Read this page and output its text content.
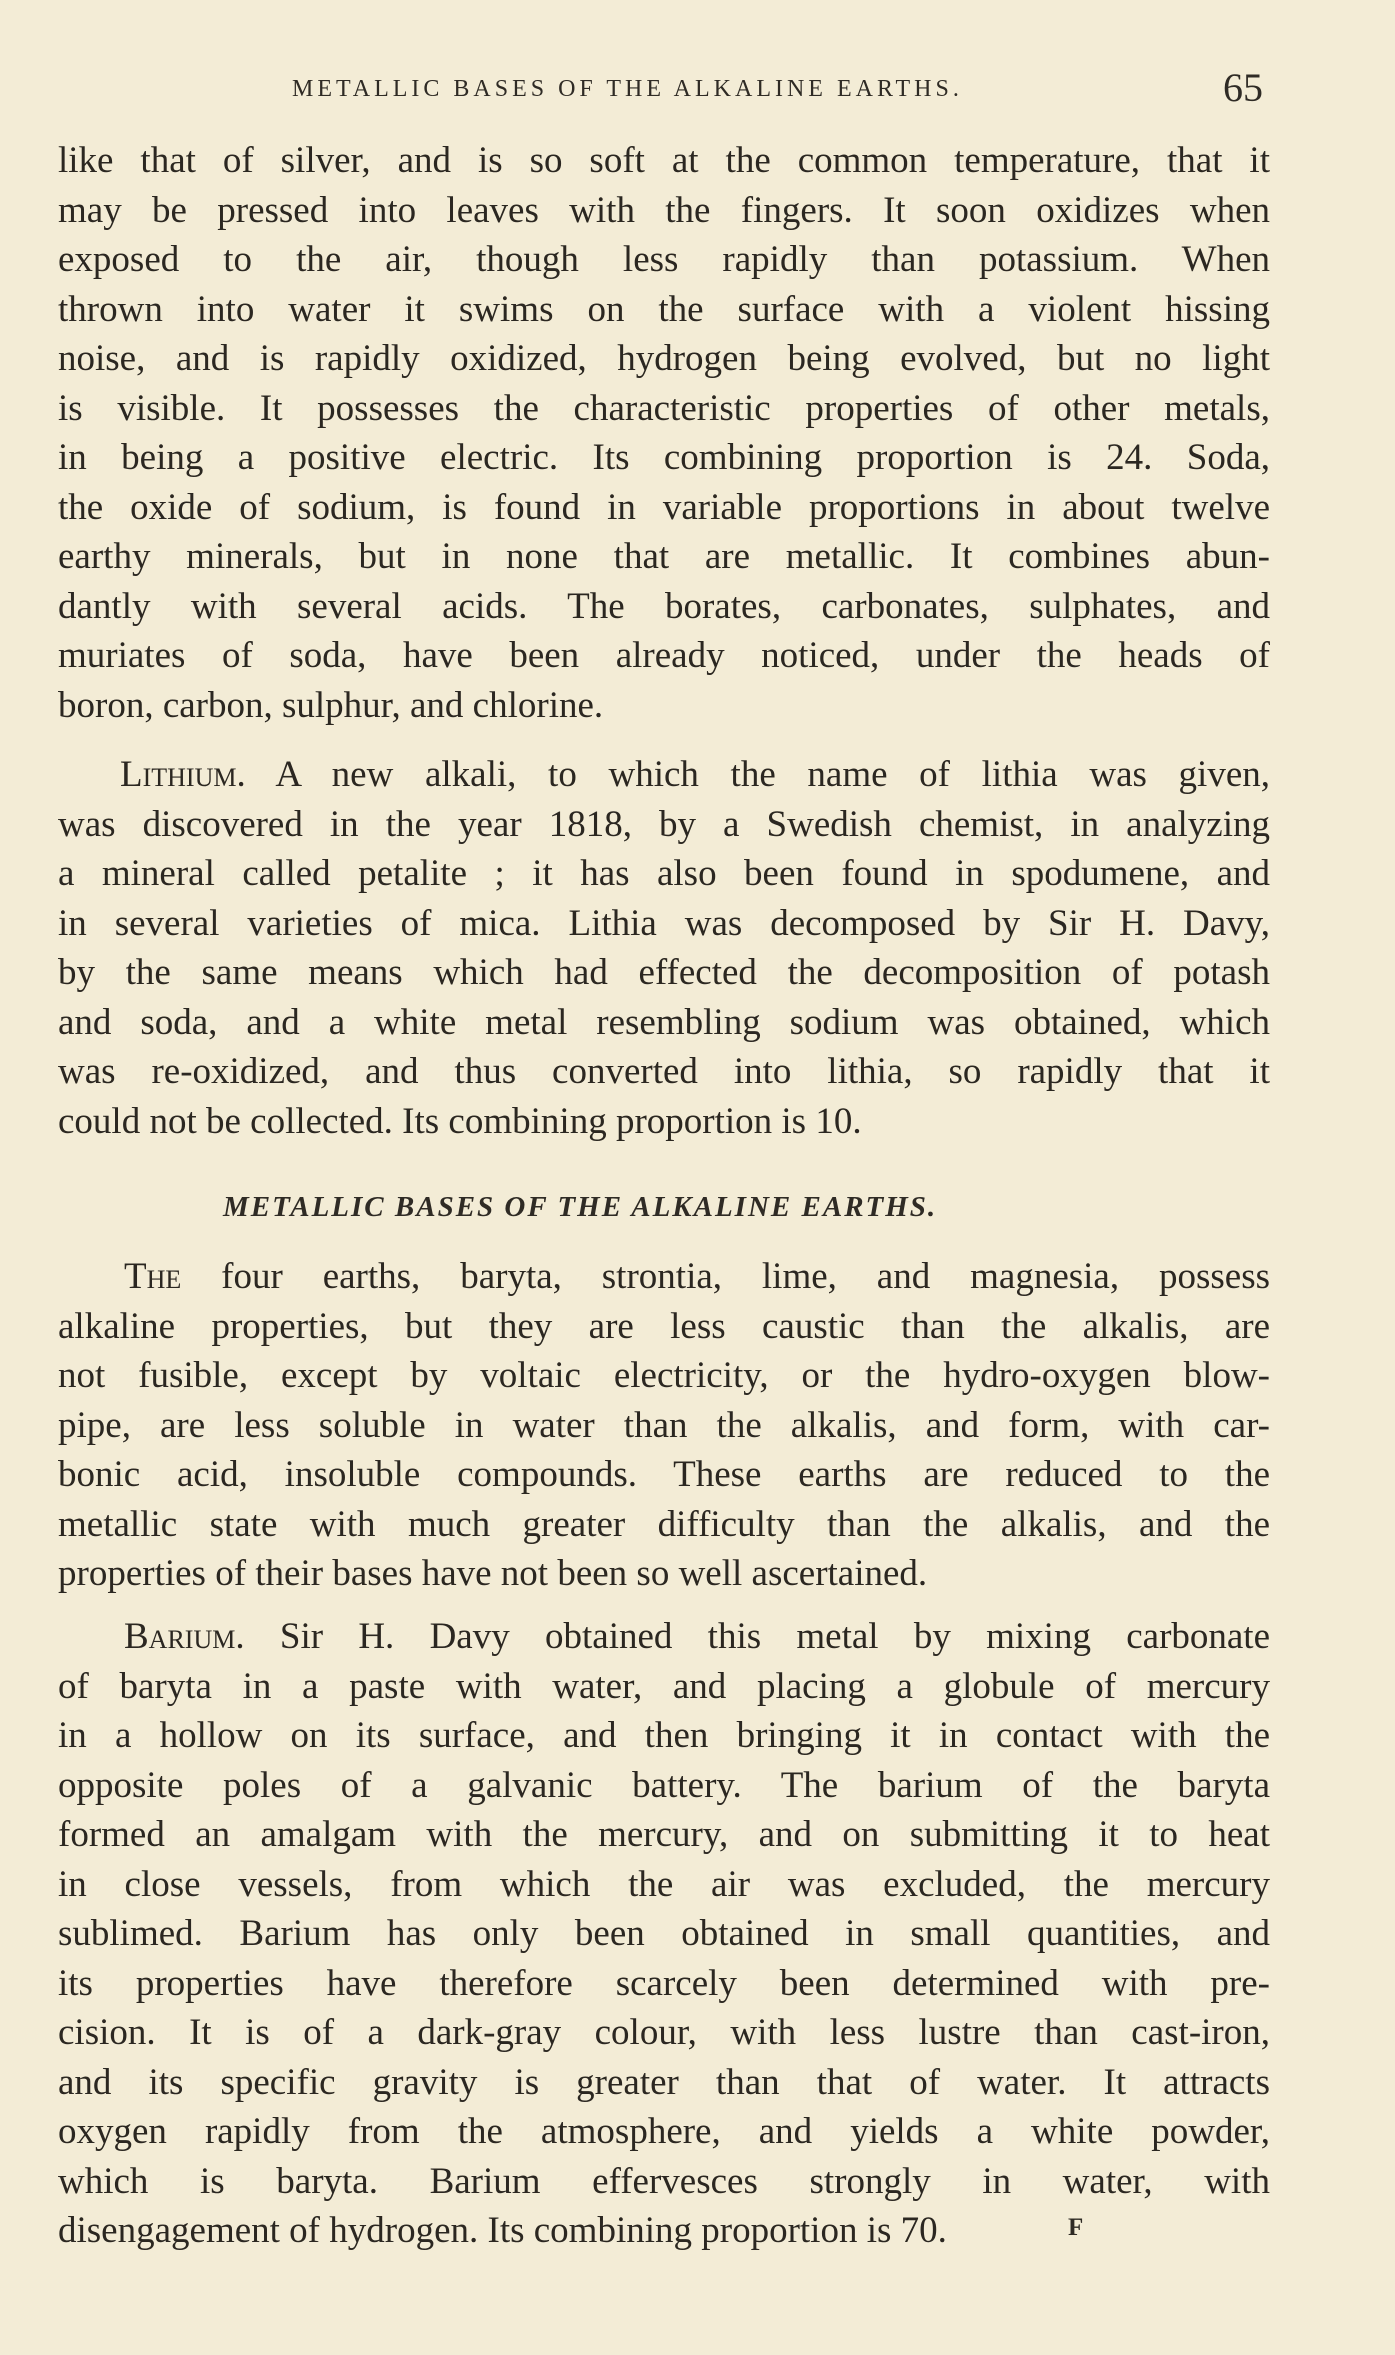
METALLIC BASES OF THE ALKALINE EARTHS.	65
like that of silver, and is so soft at the common temperature, that it
may be pressed into leaves with the fingers. It soon oxidizes when
exposed to the air, though less rapidly than potassium. When
thrown into water it swims on the surface with a violent hissing
noise, and is rapidly oxidized, hydrogen being evolved, but no light
is visible. It possesses the characteristic properties of other metals,
in being a positive electric. Its combining proportion is 24. Soda,
the oxide of sodium, is found in variable proportions in about twelve
earthy minerals, but in none that are metallic. It combines abun-
dantly with several acids. The borates, carbonates, sulphates, and
muriates of soda, have been already noticed, under the heads of
boron, carbon, sulphur, and chlorine.
Lithium. A new alkali, to which the name of lithia was given,
was discovered in the year 1818, by a Swedish chemist, in analyzing
a mineral called petalite ; it has also been found in spodumene, and
in several varieties of mica. Lithia was decomposed by Sir H. Davy,
by the same means which had effected the decomposition of potash
and soda, and a white metal resembling sodium was obtained, which
was re-oxidized, and thus converted into lithia, so rapidly that it
could not be collected. Its combining proportion is 10.
METALLIC BASES OF THE ALKALINE EARTHS.
The four earths, baryta, strontia, lime, and magnesia, possess
alkaline properties, but they are less caustic than the alkalis, are
not fusible, except by voltaic electricity, or the hydro-oxygen blow-
pipe, are less soluble in water than the alkalis, and form, with car-
bonic acid, insoluble compounds. These earths are reduced to the
metallic state with much greater difficulty than the alkalis, and the
properties of their bases have not been so well ascertained.
Barium. Sir H. Davy obtained this metal by mixing carbonate
of baryta in a paste with water, and placing a globule of mercury
in a hollow on its surface, and then bringing it in contact with the
opposite poles of a galvanic battery. The barium of the baryta
formed an amalgam with the mercury, and on submitting it to heat
in close vessels, from which the air was excluded, the mercury
sublimed. Barium has only been obtained in small quantities, and
its properties have therefore scarcely been determined with pre-
cision. It is of a dark-gray colour, with less lustre than cast-iron,
and its specific gravity is greater than that of water. It attracts
oxygen rapidly from the atmosphere, and yields a white powder,
which is baryta. Barium effervesces strongly in water, with
disengagement of hydrogen. Its combining proportion is 70.	F
